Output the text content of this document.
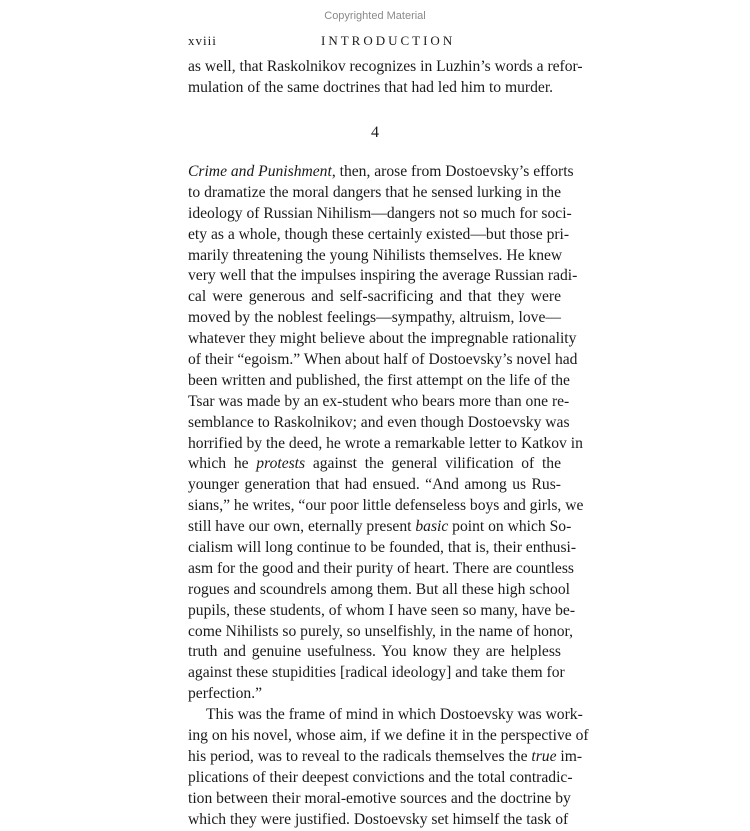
Copyrighted Material
xviii	INTRODUCTION
as well, that Raskolnikov recognizes in Luzhin’s words a refor-
mulation of the same doctrines that had led him to murder.
4
Crime and Punishment, then, arose from Dostoevsky’s efforts
to dramatize the moral dangers that he sensed lurking in the
ideology of Russian Nihilism—dangers not so much for soci-
ety as a whole, though these certainly existed—but those pri-
marily threatening the young Nihilists themselves. He knew
very well that the impulses inspiring the average Russian radi-
cal were generous and self-sacrificing and that they were
moved by the noblest feelings—sympathy, altruism, love—
whatever they might believe about the impregnable rationality
of their “egoism.” When about half of Dostoevsky’s novel had
been written and published, the first attempt on the life of the
Tsar was made by an ex-student who bears more than one re-
semblance to Raskolnikov; and even though Dostoevsky was
horrified by the deed, he wrote a remarkable letter to Katkov in
which he protests against the general vilification of the
younger generation that had ensued. “And among us Rus-
sians,” he writes, “our poor little defenseless boys and girls, we
still have our own, eternally present basic point on which So-
cialism will long continue to be founded, that is, their enthusi-
asm for the good and their purity of heart. There are countless
rogues and scoundrels among them. But all these high school
pupils, these students, of whom I have seen so many, have be-
come Nihilists so purely, so unselfishly, in the name of honor,
truth and genuine usefulness. You know they are helpless
against these stupidities [radical ideology] and take them for
perfection.”
This was the frame of mind in which Dostoevsky was work-
ing on his novel, whose aim, if we define it in the perspective of
his period, was to reveal to the radicals themselves the true im-
plications of their deepest convictions and the total contradic-
tion between their moral-emotive sources and the doctrine by
which they were justified. Dostoevsky set himself the task of
